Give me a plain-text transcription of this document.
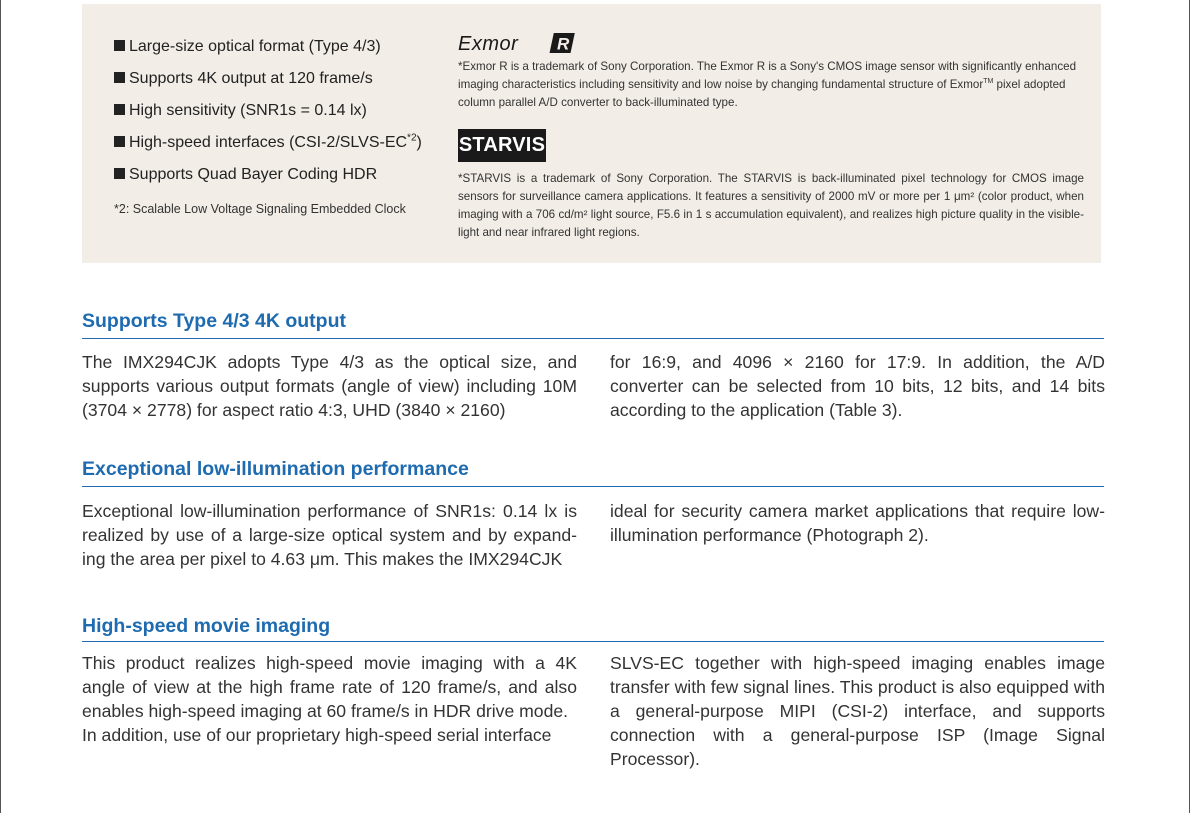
Large-size optical format (Type 4/3)
Supports 4K output at 120 frame/s
High sensitivity (SNR1s = 0.14 lx)
High-speed interfaces (CSI-2/SLVS-EC$^{*2}$)
Supports Quad Bayer Coding HDR
*2: Scalable Low Voltage Signaling Embedded Clock
Exmor R

*Exmor R is a trademark of Sony Corporation. The Exmor R is a Sony's CMOS image sensor with significantly enhanced imaging characteristics including sensitivity and low noise by changing fundamental structure of Exmor™ pixel adopted column parallel A/D converter to back-illuminated type.

STARVIS

*STARVIS is a trademark of Sony Corporation. The STARVIS is back-illuminated pixel technology for CMOS image sensors for surveillance camera applications. It features a sensitivity of 2000 mV or more per 1 μm² (color product, when imaging with a 706 cd/m² light source, F5.6 in 1 s accumulation equivalent), and realizes high picture quality in the visible-light and near infrared light regions.

Supports Type 4/3 4K output

The IMX294CJK adopts Type 4/3 as the optical size, and supports various output formats (angle of view) including 10M (3704 × 2778) for aspect ratio 4:3, UHD (3840 × 2160)

for 16:9, and 4096 × 2160 for 17:9. In addition, the A/D converter can be selected from 10 bits, 12 bits, and 14 bits according to the application (Table 3).

Exceptional low-illumination performance

Exceptional low-illumination performance of SNR1s: 0.14 lx is realized by use of a large-size optical system and by expand-ing the area per pixel to 4.63 μm. This makes the IMX294CJK

ideal for security camera market applications that require low-illumination performance (Photograph 2).

High-speed movie imaging

This product realizes high-speed movie imaging with a 4K angle of view at the high frame rate of 120 frame/s, and also enables high-speed imaging at 60 frame/s in HDR drive mode.

In addition, use of our proprietary high-speed serial interface

SLVS-EC together with high-speed imaging enables image transfer with few signal lines. This product is also equipped with a general-purpose MIPI (CSI-2) interface, and supports connection with a general-purpose ISP (Image Signal Processor).
